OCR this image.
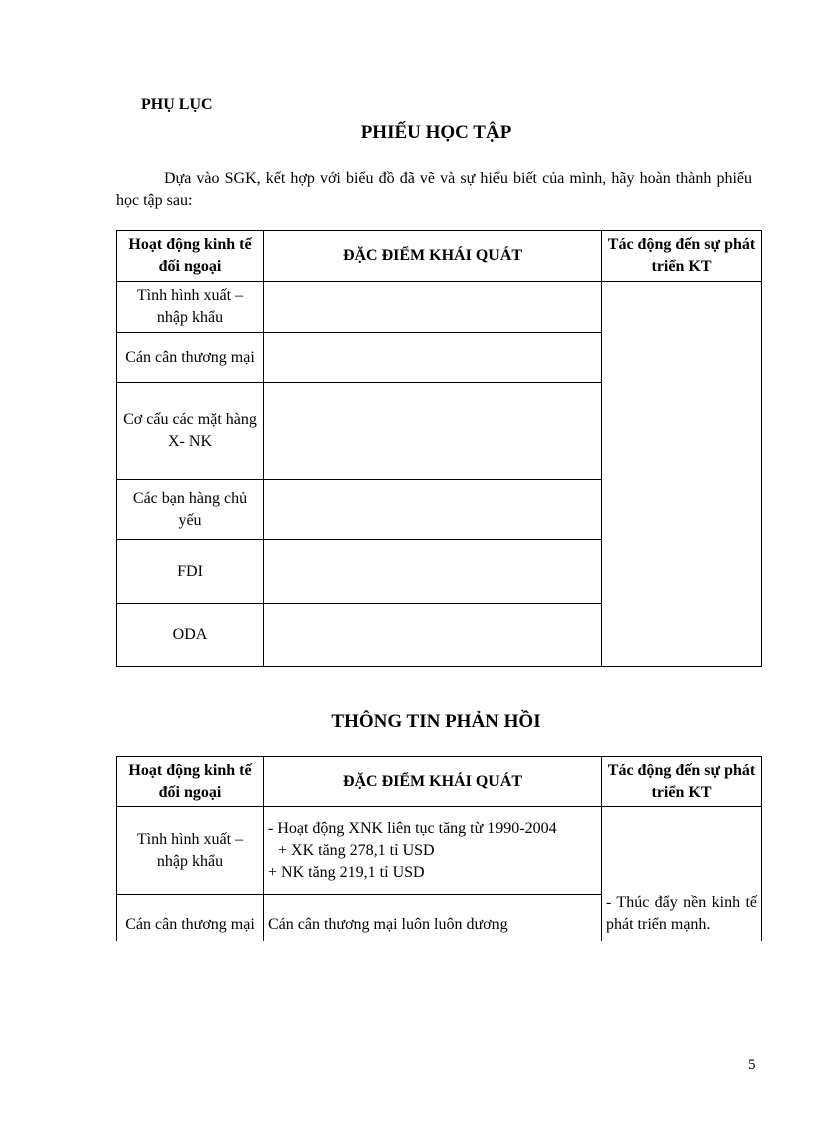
PHỤ LỤC
PHIẾU HỌC TẬP
Dựa vào SGK, kết hợp với biểu đồ đã vẽ và sự hiểu biết của mình, hãy hoàn thành phiếu học tập sau:
Hoạt động kinh tế đối ngoại	ĐẶC ĐIỂM KHÁI QUÁT	Tác động đến sự phát triển KT
Tình hình xuất – nhập khẩu		
Cán cân thương mại		
Cơ cấu các mặt hàng X- NK		
Các bạn hàng chủ yếu		
FDI		
ODA		
THÔNG TIN PHẢN HỒI
Hoạt động kinh tế đối ngoại	ĐẶC ĐIỂM KHÁI QUÁT	Tác động đến sự phát triển KT
Tình hình xuất – nhập khẩu	- Hoạt động XNK liên tục tăng từ 1990-2004
+ XK tăng 278,1 tỉ USD
+ NK tăng 219,1 tỉ USD	- Thúc đẩy nền kinh tế phát triển mạnh.

Cán cân thương mại	Cán cân thương mại luôn luôn dương	
5
